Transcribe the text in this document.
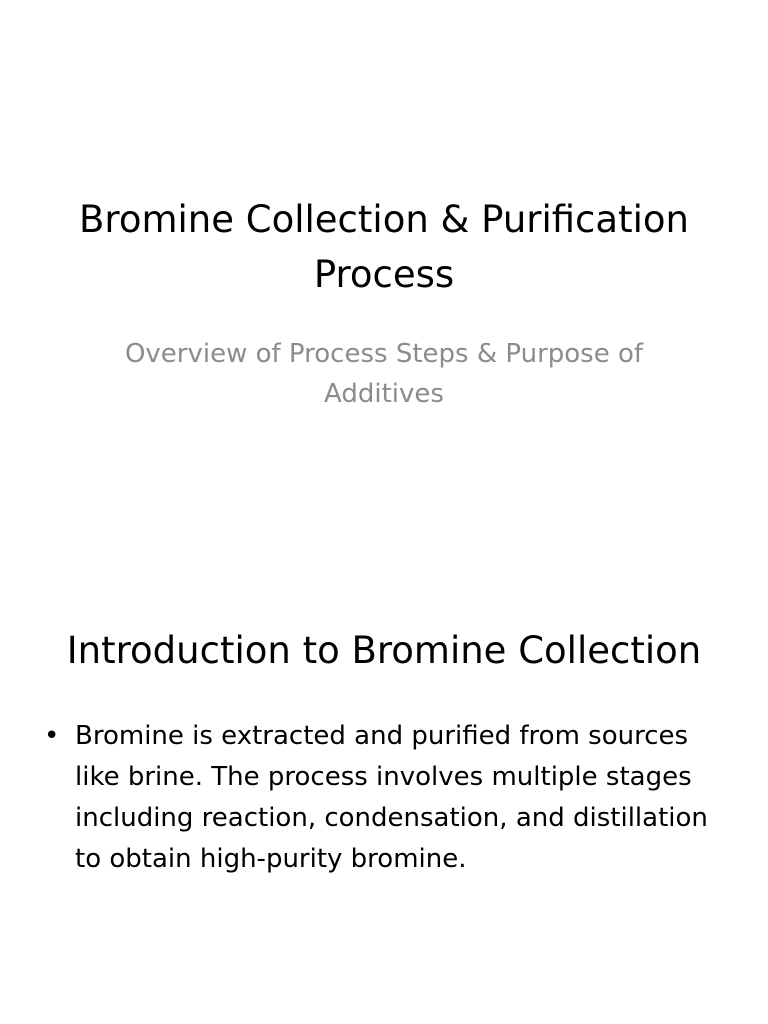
Bromine Collection & Purification Process

Overview of Process Steps & Purpose of Additives

Introduction to Bromine Collection
• Bromine is extracted and purified from sources like brine. The process involves multiple stages including reaction, condensation, and distillation to obtain high-purity bromine.
